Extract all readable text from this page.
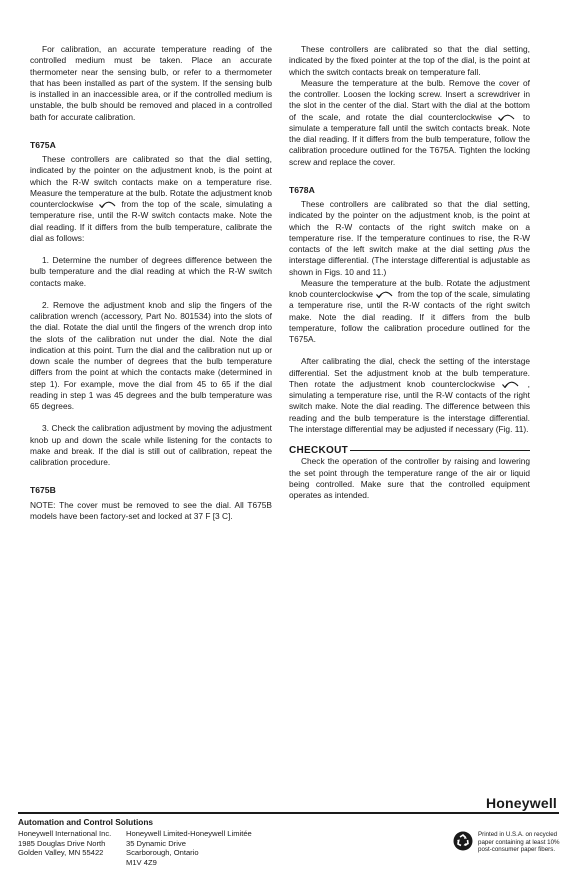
For calibration, an accurate temperature reading of the controlled medium must be taken. Place an accurate thermometer near the sensing bulb, or refer to a thermometer that has been installed as part of the system. If the sensing bulb is installed in an inaccessible area, or if the controlled medium is unstable, the bulb should be removed and placed in a controlled bath for accurate calibration.

T675A

These controllers are calibrated so that the dial setting, indicated by the pointer on the adjustment knob, is the point at which the R-W switch contacts make on a temperature rise. Measure the temperature at the bulb. Rotate the adjustment knob counterclockwise	from the top of the scale, simulating a temperature rise, until the R-W switch contacts make. Note the dial reading. If it differs from the bulb temperature, calibrate the dial as follows:

1. Determine the number of degrees difference between the bulb temperature and the dial reading at which the R-W switch contacts make.

2. Remove the adjustment knob and slip the fingers of the calibration wrench (accessory, Part No. 801534) into the slots of the dial. Rotate the dial until the fingers of the wrench drop into the slots of the calibration nut under the dial. Note the dial indication at this point. Turn the dial and the calibration nut up or down scale the number of degrees that the bulb temperature differs from the point at which the contacts make (determined in step 1). For example, move the dial from 45 to 65 if the dial reading in step 1 was 45 degrees and the bulb temperature was 65 degrees.

3. Check the calibration adjustment by moving the adjustment knob up and down the scale while listening for the contacts to make and break. If the dial is still out of calibration, repeat the calibration procedure.

T675B

NOTE: The cover must be removed to see the dial. All T675B models have been factory-set and locked at 37 F [3 C].

These controllers are calibrated so that the dial setting, indicated by the fixed pointer at the top of the dial, is the point at which the switch contacts break on temperature fall.

Measure the temperature at the bulb. Remove the cover of the controller. Loosen the locking screw. Insert a screwdriver in the slot in the center of the dial. Start with the dial at the bottom of the scale, and rotate the dial counterclockwise	to simulate a temperature fall until the switch contacts break. Note the dial reading. If it differs from the bulb temperature, follow the calibration procedure outlined for the T675A. Tighten the locking screw and replace the cover.

T678A

These controllers are calibrated so that the dial setting, indicated by the pointer on the adjustment knob, is the point at which the R-W contacts of the right switch make on a temperature rise. If the temperature continues to rise, the R-W contacts of the left switch make at the dial setting plus the interstage differential. (The interstage differential is adjustable as shown in Figs. 10 and 11.)

Measure the temperature at the bulb. Rotate the adjustment knob counterclockwise	from the top of the scale, simulating a temperature rise, until the R-W contacts of the right switch make. Note the dial reading. If it differs from the bulb temperature, follow the calibration procedure outlined for the T675A.

After calibrating the dial, check the setting of the interstage differential. Set the adjustment knob at the bulb temperature. Then rotate the adjustment knob counterclockwise	, simulating a temperature rise, until the R-W contacts of the right switch make. Note the dial reading. The difference between this reading and the bulb temperature is the interstage differential. The interstage differential may be adjusted if necessary (Fig. 11).

CHECKOUT

Check the operation of the controller by raising and lowering the set point through the temperature range of the air or liquid being controlled. Make sure that the controlled equipment operates as intended.

Honeywell
Automation and Control Solutions
Honeywell International Inc.
1985 Douglas Drive North
Golden Valley, MN 55422
Honeywell Limited-Honeywell Limitée
35 Dynamic Drive
Scarborough, Ontario
M1V 4Z9
Printed in U.S.A. on recycled
paper containing at least 10%
post-consumer paper fibers.
